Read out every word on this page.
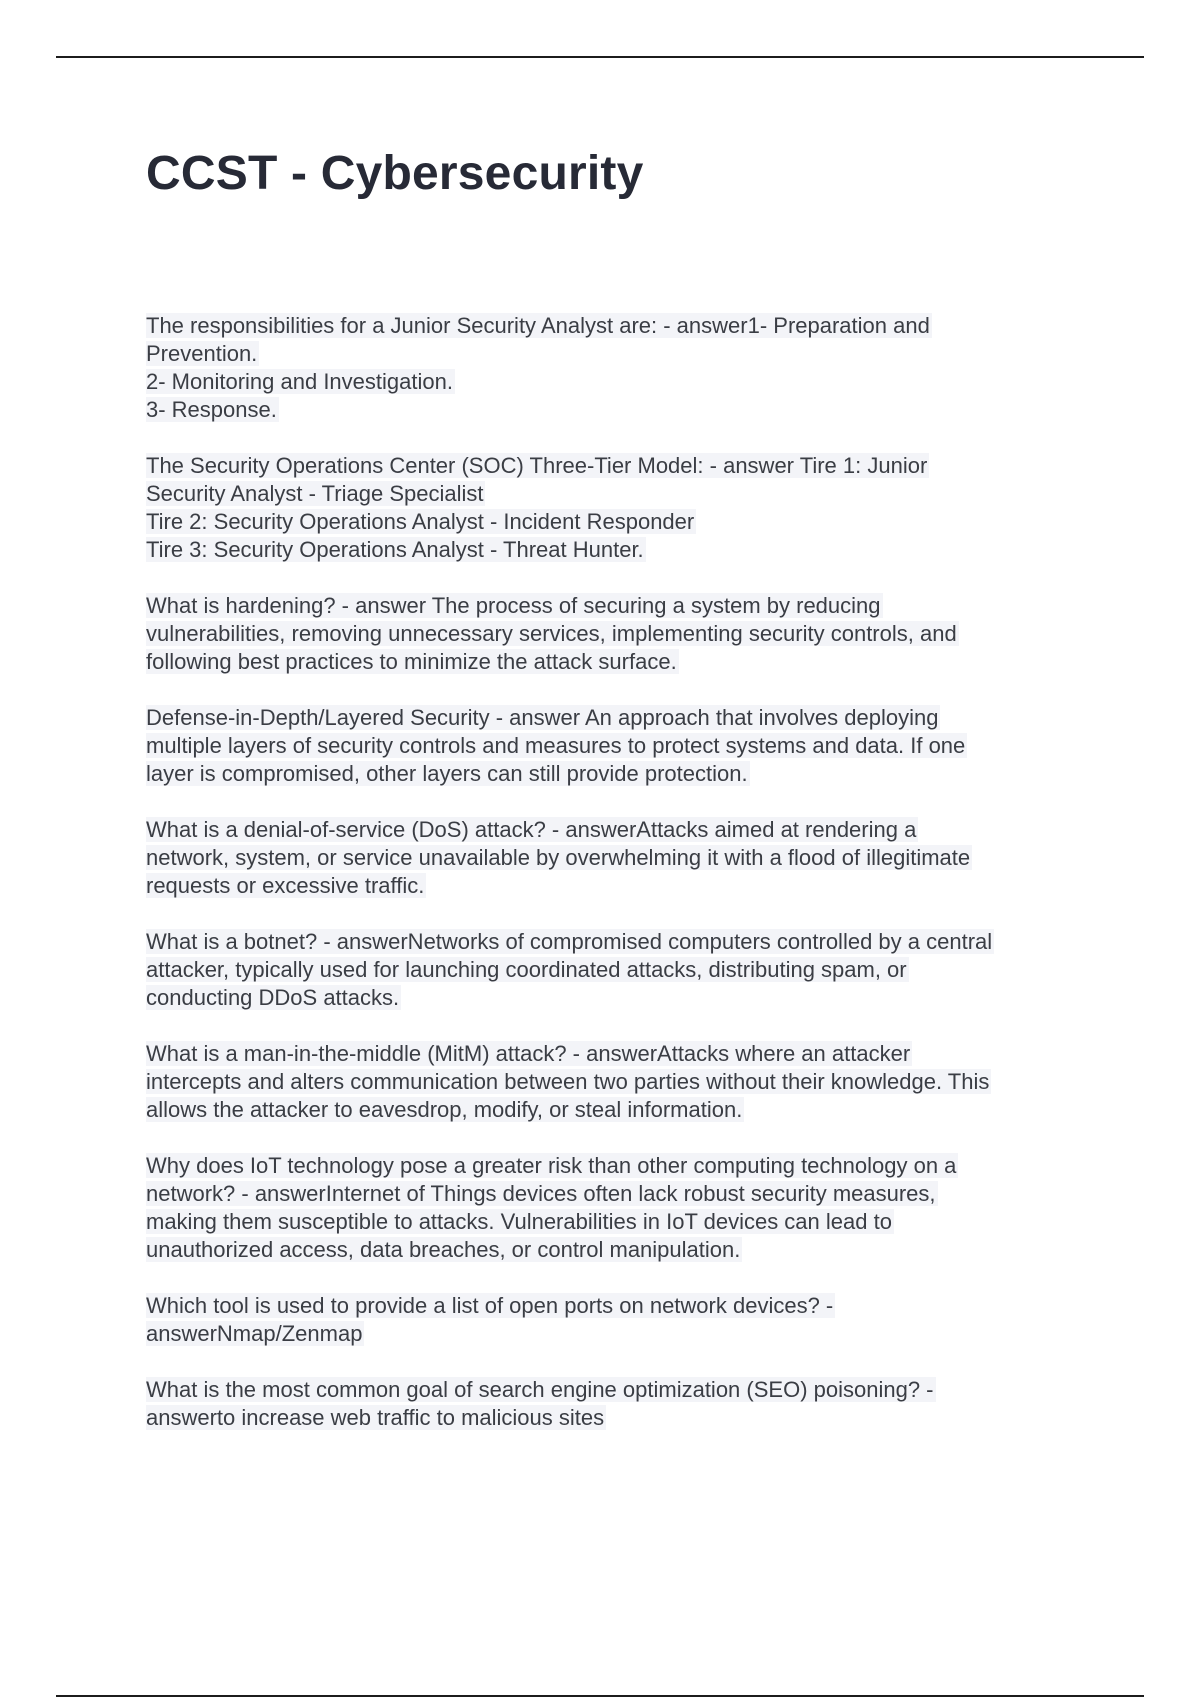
CCST - Cybersecurity

The responsibilities for a Junior Security Analyst are: - answer1- Preparation and
Prevention.
2- Monitoring and Investigation.
3- Response.

The Security Operations Center (SOC) Three-Tier Model: - answer Tire 1: Junior
Security Analyst - Triage Specialist
Tire 2: Security Operations Analyst - Incident Responder
Tire 3: Security Operations Analyst - Threat Hunter.

What is hardening? - answer The process of securing a system by reducing
vulnerabilities, removing unnecessary services, implementing security controls, and
following best practices to minimize the attack surface.

Defense-in-Depth/Layered Security - answer An approach that involves deploying
multiple layers of security controls and measures to protect systems and data. If one
layer is compromised, other layers can still provide protection.

What is a denial-of-service (DoS) attack? - answerAttacks aimed at rendering a
network, system, or service unavailable by overwhelming it with a flood of illegitimate
requests or excessive traffic.

What is a botnet? - answerNetworks of compromised computers controlled by a central
attacker, typically used for launching coordinated attacks, distributing spam, or
conducting DDoS attacks.

What is a man-in-the-middle (MitM) attack? - answerAttacks where an attacker
intercepts and alters communication between two parties without their knowledge. This
allows the attacker to eavesdrop, modify, or steal information.

Why does IoT technology pose a greater risk than other computing technology on a
network? - answerInternet of Things devices often lack robust security measures,
making them susceptible to attacks. Vulnerabilities in IoT devices can lead to
unauthorized access, data breaches, or control manipulation.

Which tool is used to provide a list of open ports on network devices? -
answerNmap/Zenmap

What is the most common goal of search engine optimization (SEO) poisoning? -
answerto increase web traffic to malicious sites
